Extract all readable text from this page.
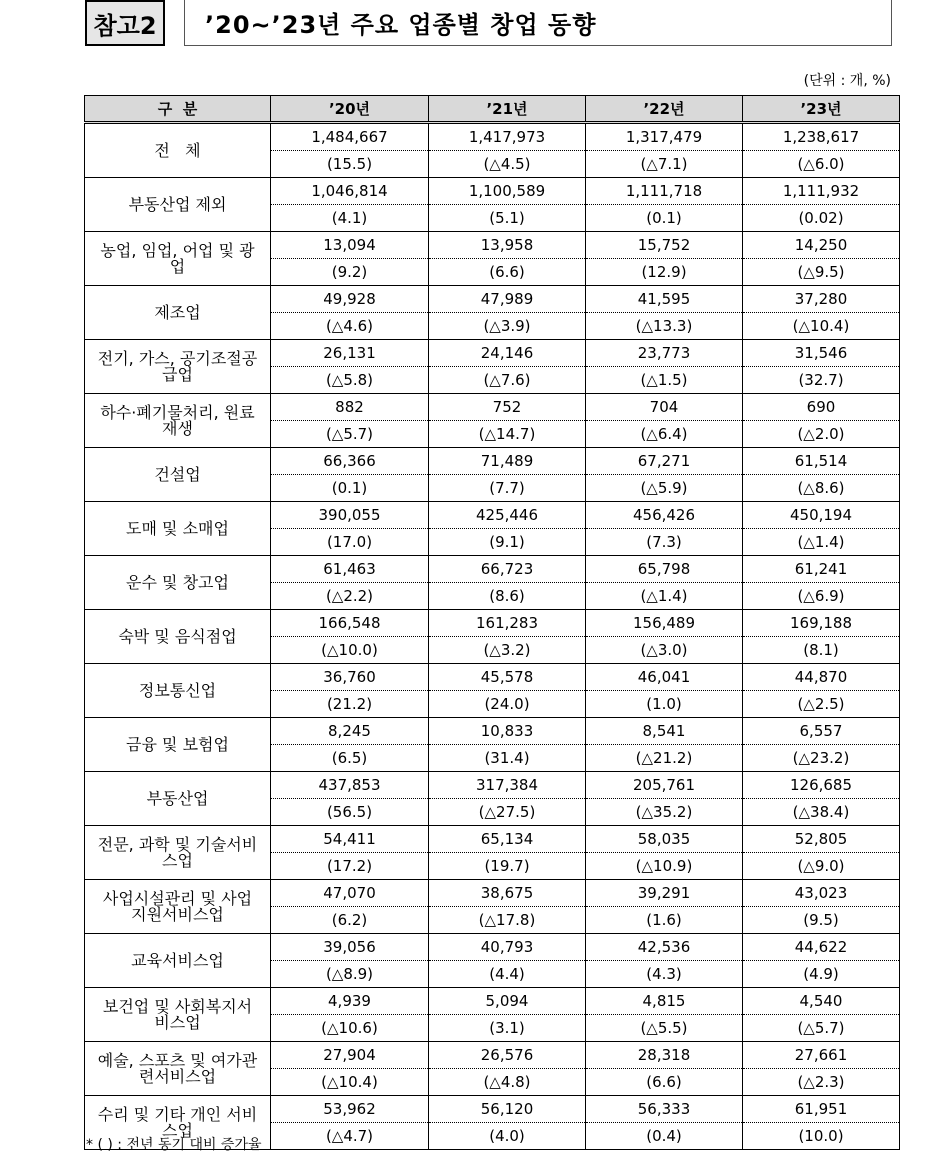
참고2	’20~’23년 주요 업종별 창업 동향
(단위 : 개, %)
구  분	’20년	’21년	’22년	’23년
전   체	1,484,667	1,417,973	1,317,479	1,238,617
	(15.5)	(△4.5)	(△7.1)	(△6.0)
부동산업 제외	1,046,814	1,100,589	1,111,718	1,111,932
	(4.1)	(5.1)	(0.1)	(0.02)
농업, 임업, 어업 및 광업	13,094	13,958	15,752	14,250
	(9.2)	(6.6)	(12.9)	(△9.5)
제조업	49,928	47,989	41,595	37,280
	(△4.6)	(△3.9)	(△13.3)	(△10.4)
전기, 가스, 공기조절공급업	26,131	24,146	23,773	31,546
	(△5.8)	(△7.6)	(△1.5)	(32.7)
하수·폐기물처리, 원료재생	882	752	704	690
	(△5.7)	(△14.7)	(△6.4)	(△2.0)
건설업	66,366	71,489	67,271	61,514
	(0.1)	(7.7)	(△5.9)	(△8.6)
도매 및 소매업	390,055	425,446	456,426	450,194
	(17.0)	(9.1)	(7.3)	(△1.4)
운수 및 창고업	61,463	66,723	65,798	61,241
	(△2.2)	(8.6)	(△1.4)	(△6.9)
숙박 및 음식점업	166,548	161,283	156,489	169,188
	(△10.0)	(△3.2)	(△3.0)	(8.1)
정보통신업	36,760	45,578	46,041	44,870
	(21.2)	(24.0)	(1.0)	(△2.5)
금융 및 보험업	8,245	10,833	8,541	6,557
	(6.5)	(31.4)	(△21.2)	(△23.2)
부동산업	437,853	317,384	205,761	126,685
	(56.5)	(△27.5)	(△35.2)	(△38.4)
전문, 과학 및 기술서비스업	54,411	65,134	58,035	52,805
	(17.2)	(19.7)	(△10.9)	(△9.0)
사업시설관리 및 사업지원서비스업	47,070	38,675	39,291	43,023
	(6.2)	(△17.8)	(1.6)	(9.5)
교육서비스업	39,056	40,793	42,536	44,622
	(△8.9)	(4.4)	(4.3)	(4.9)
보건업 및 사회복지서비스업	4,939	5,094	4,815	4,540
	(△10.6)	(3.1)	(△5.5)	(△5.7)
예술, 스포츠 및 여가관련서비스업	27,904	26,576	28,318	27,661
	(△10.4)	(△4.8)	(6.6)	(△2.3)
수리 및 기타 개인 서비스업	53,962	56,120	56,333	61,951
	(△4.7)	(4.0)	(0.4)	(10.0)
* ( ) : 전년 동기 대비 증가율
